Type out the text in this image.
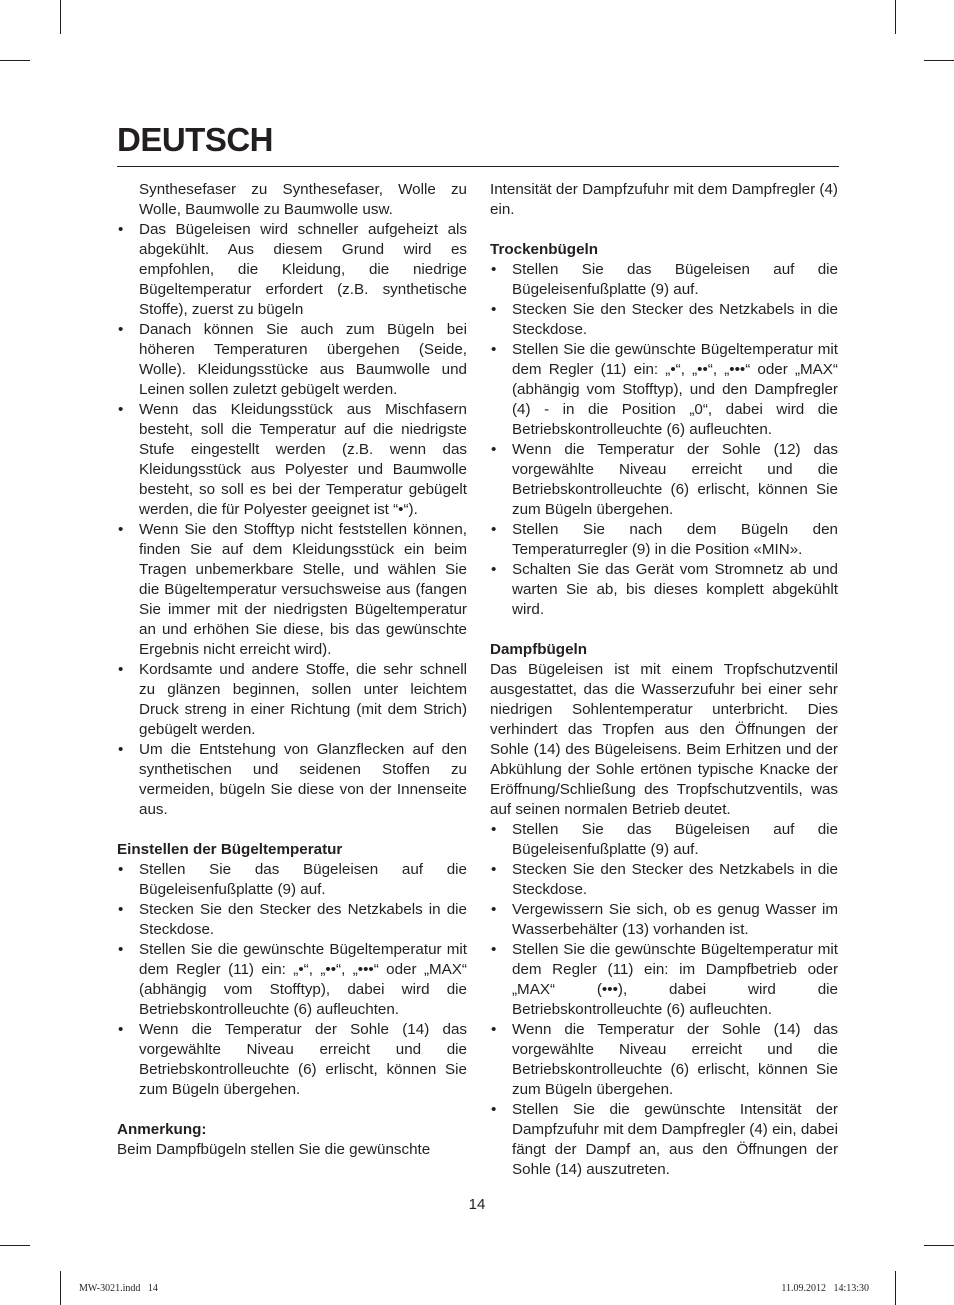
DEUTSCH

Synthesefaser zu Synthesefaser, Wolle zu Wolle, Baumwolle zu Baumwolle usw.

• Das Bügeleisen wird schneller aufgeheizt als abgekühlt. Aus diesem Grund wird es empfohlen, die Kleidung, die niedrige Bügeltemperatur erfordert (z.B. synthetische Stoffe), zuerst zu bügeln
• Danach können Sie auch zum Bügeln bei höheren Temperaturen übergehen (Seide, Wolle). Kleidungsstücke aus Baumwolle und Leinen sollen zuletzt gebügelt werden.
• Wenn das Kleidungsstück aus Mischfasern besteht, soll die Temperatur auf die niedrigste Stufe eingestellt werden (z.B. wenn das Kleidungsstück aus Polyester und Baumwolle besteht, so soll es bei der Temperatur gebügelt werden, die für Polyester geeignet ist “•“).
• Wenn Sie den Stofftyp nicht feststellen können, finden Sie auf dem Kleidungsstück ein beim Tragen unbemerkbare Stelle, und wählen Sie die Bügeltemperatur versuchsweise aus (fangen Sie immer mit der niedrigsten Bügeltemperatur an und erhöhen Sie diese, bis das gewünschte Ergebnis nicht erreicht wird).
• Kordsamte und andere Stoffe, die sehr schnell zu glänzen beginnen, sollen unter leichtem Druck streng in einer Richtung (mit dem Strich) gebügelt werden.
• Um die Entstehung von Glanzflecken auf den synthetischen und seidenen Stoffen zu vermeiden, bügeln Sie diese von der Innenseite aus.
Einstellen der Bügeltemperatur
• Stellen Sie das Bügeleisen auf die Bügeleisenfußplatte (9) auf.
• Stecken Sie den Stecker des Netzkabels in die Steckdose.
• Stellen Sie die gewünschte Bügeltemperatur mit dem Regler (11) ein: „•“, „••“, „•••“ oder „MAX“ (abhängig vom Stofftyp), dabei wird die Betriebskontrolleuchte (6) aufleuchten.
• Wenn die Temperatur der Sohle (14) das vorgewählte Niveau erreicht und die Betriebskontrolleuchte (6) erlischt, können Sie zum Bügeln übergehen.
Anmerkung:

Beim Dampfbügeln stellen Sie die gewünschte

Intensität der Dampfzufuhr mit dem Dampfregler (4) ein.

Trockenbügeln
• Stellen Sie das Bügeleisen auf die Bügeleisenfußplatte (9) auf.
• Stecken Sie den Stecker des Netzkabels in die Steckdose.
• Stellen Sie die gewünschte Bügeltemperatur mit dem Regler (11) ein: „•“, „••“, „•••“ oder „MAX“ (abhängig vom Stofftyp), und den Dampfregler (4) - in die Position „0“, dabei wird die Betriebskontrolleuchte (6) aufleuchten.
• Wenn die Temperatur der Sohle (12) das vorgewählte Niveau erreicht und die Betriebskontrolleuchte (6) erlischt, können Sie zum Bügeln übergehen.
• Stellen Sie nach dem Bügeln den Temperaturregler (9) in die Position «MIN».
• Schalten Sie das Gerät vom Stromnetz ab und warten Sie ab, bis dieses komplett abgekühlt wird.
Dampfbügeln

Das Bügeleisen ist mit einem Tropfschutzventil ausgestattet, das die Wasserzufuhr bei einer sehr niedrigen Sohlentemperatur unterbricht. Dies verhindert das Tropfen aus den Öffnungen der Sohle (14) des Bügeleisens. Beim Erhitzen und der Abkühlung der Sohle ertönen typische Knacke der Eröffnung/Schließung des Tropfschutzventils, was auf seinen normalen Betrieb deutet.

• Stellen Sie das Bügeleisen auf die Bügeleisenfußplatte (9) auf.
• Stecken Sie den Stecker des Netzkabels in die Steckdose.
• Vergewissern Sie sich, ob es genug Wasser im Wasserbehälter (13) vorhanden ist.
• Stellen Sie die gewünschte Bügeltemperatur mit dem Regler (11) ein: im Dampfbetrieb oder „MAX“ (•••), dabei wird die Betriebskontrolleuchte (6) aufleuchten.
• Wenn die Temperatur der Sohle (14) das vorgewählte Niveau erreicht und die Betriebskontrolleuchte (6) erlischt, können Sie zum Bügeln übergehen.
• Stellen Sie die gewünschte Intensität der Dampfzufuhr mit dem Dampfregler (4) ein, dabei fängt der Dampf an, aus den Öffnungen der Sohle (14) auszutreten.
14
MW-3021.indd   14	11.09.2012   14:13:30
